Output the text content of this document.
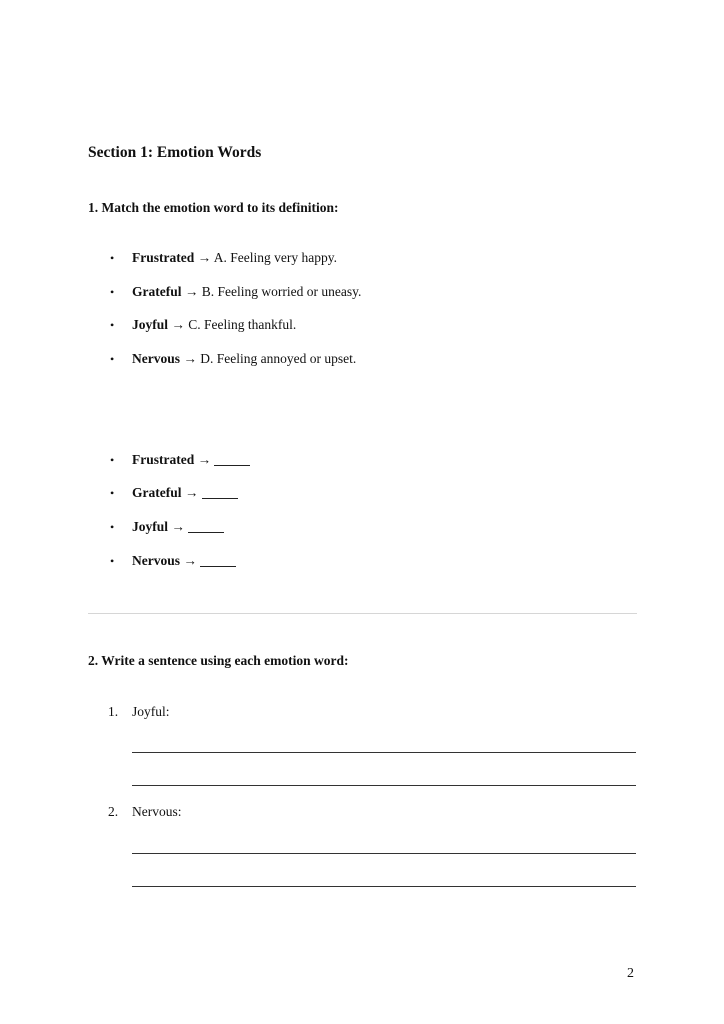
Section 1: Emotion Words
1. Match the emotion word to its definition:
• Frustrated → A. Feeling very happy.
• Grateful → B. Feeling worried or uneasy.
• Joyful → C. Feeling thankful.
• Nervous → D. Feeling annoyed or upset.
• Frustrated →
• Grateful →
• Joyful →
• Nervous →
2. Write a sentence using each emotion word:
1. Joyful:
2. Nervous:
2
